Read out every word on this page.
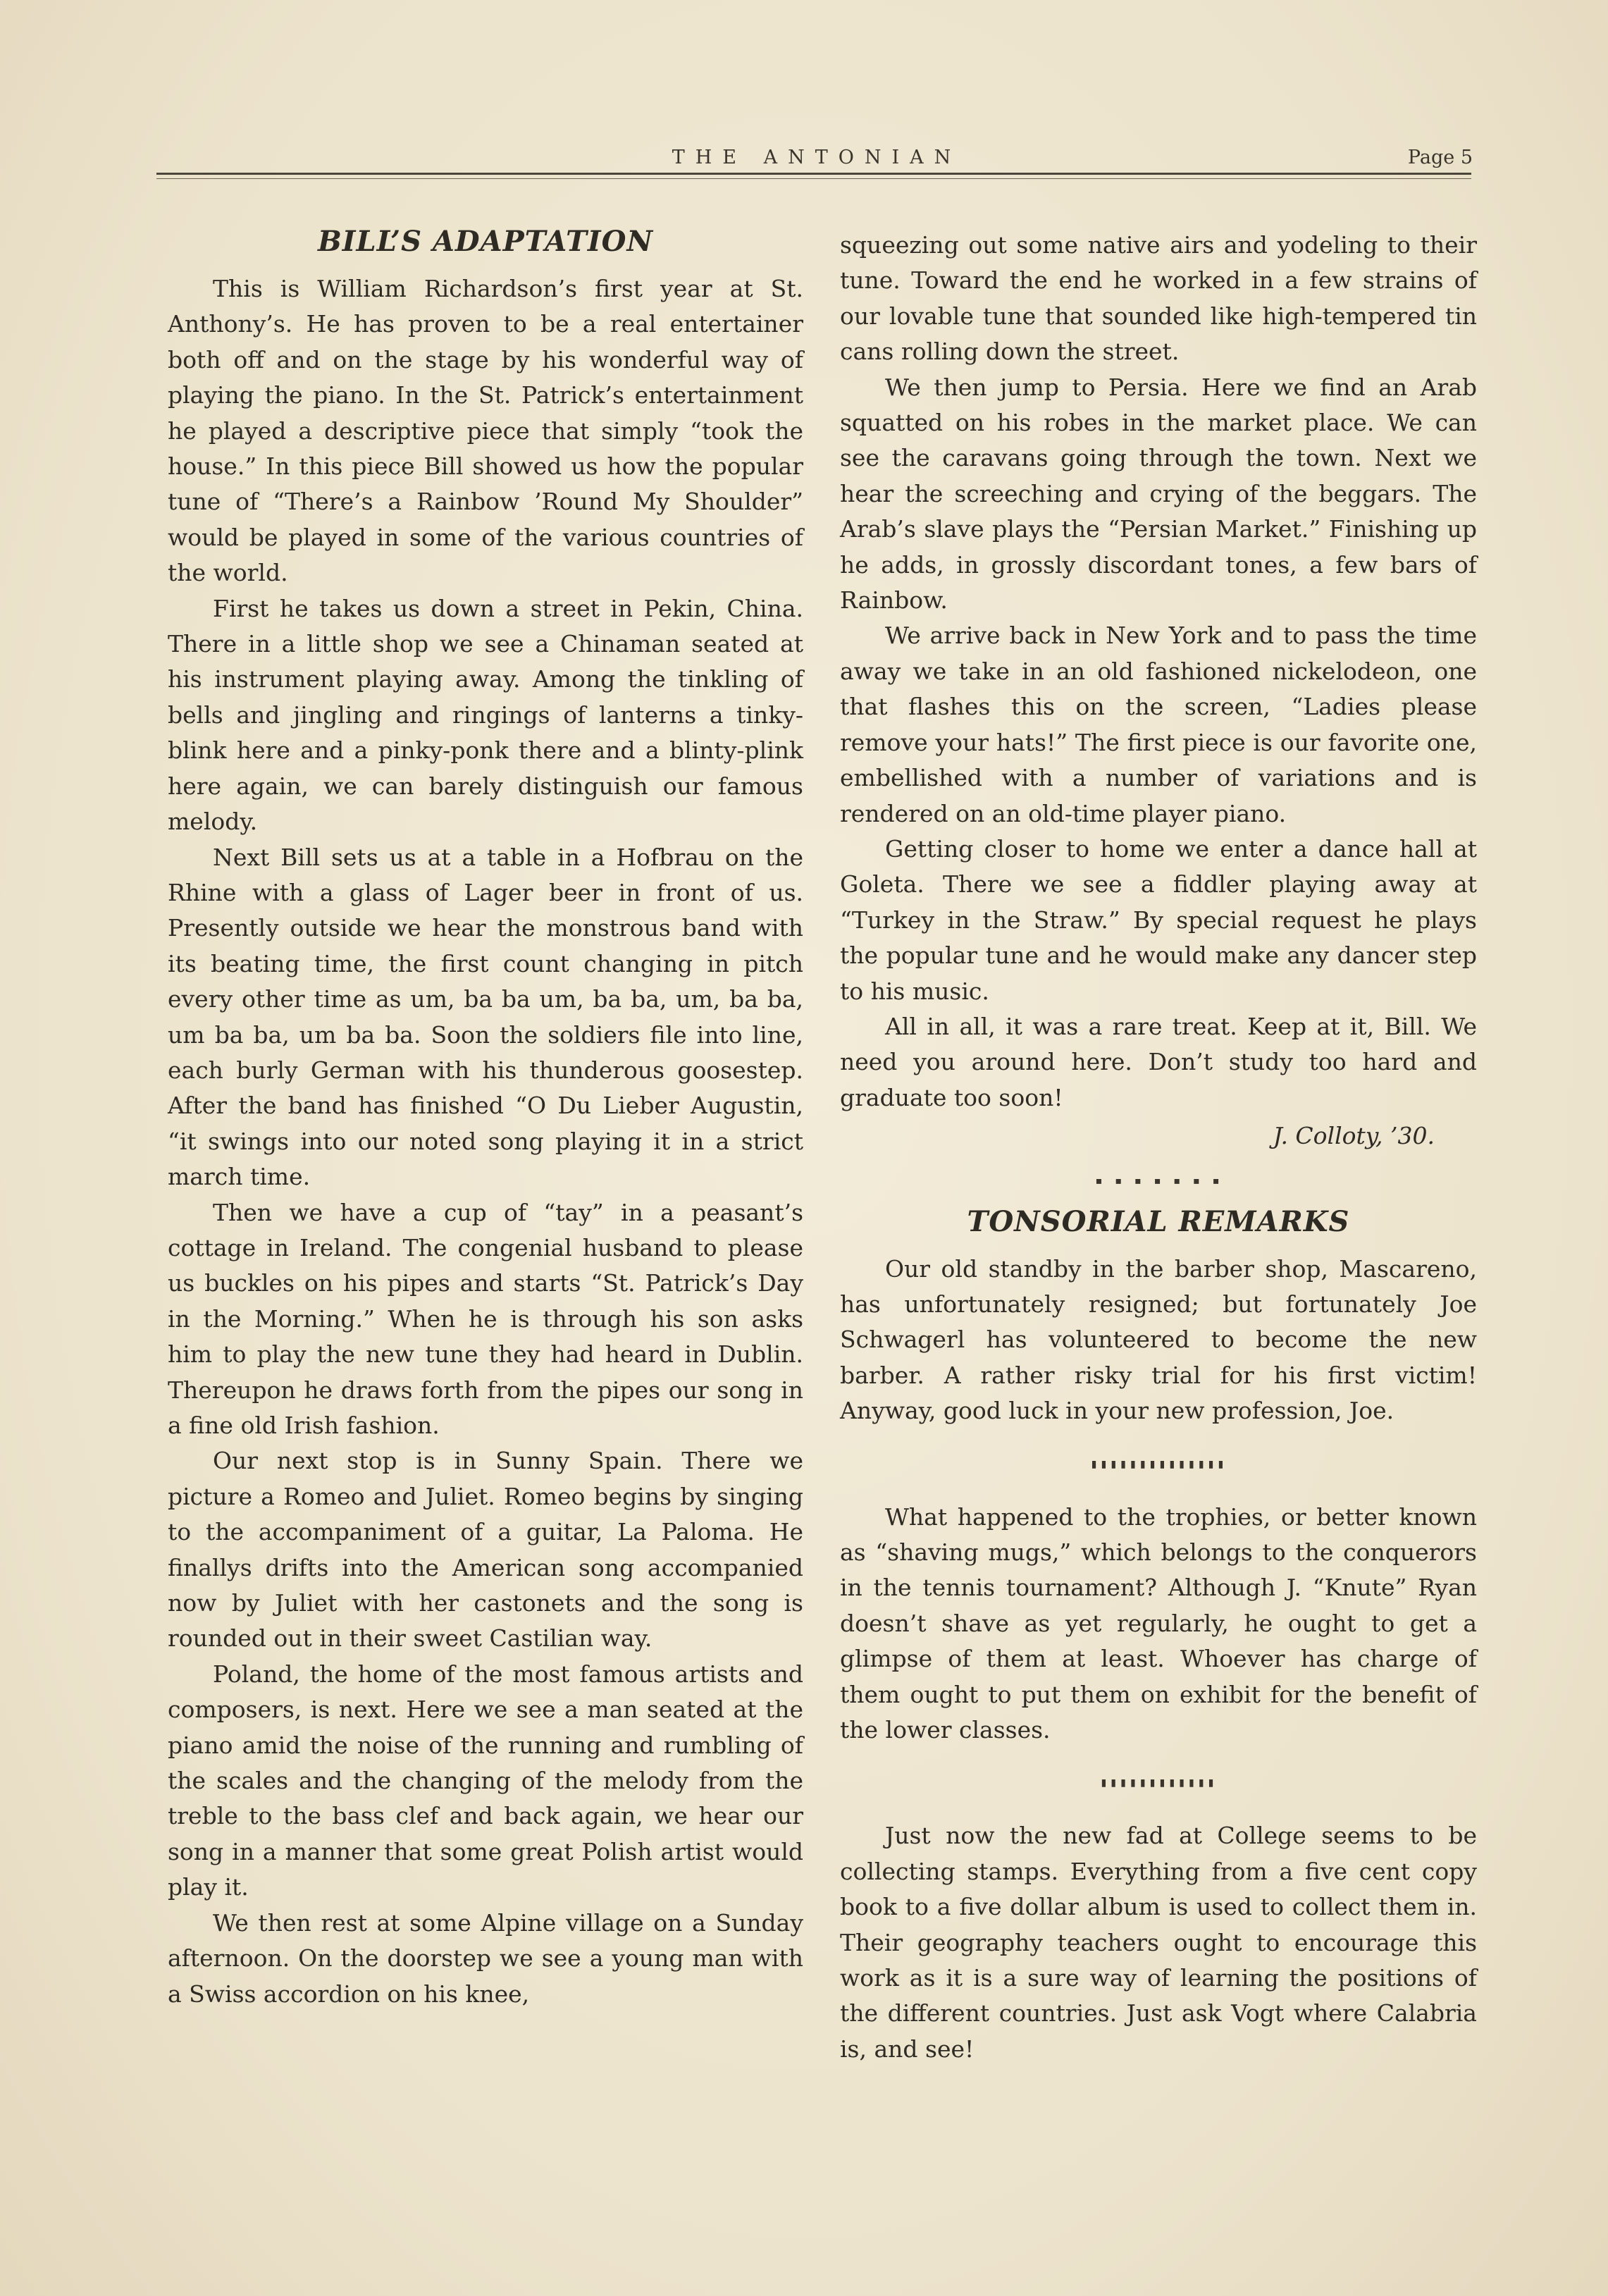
THE ANTONIAN	Page 5
BILL’S ADAPTATION

This is William Richardson’s first year at St. Anthony’s. He has proven to be a real entertainer both off and on the stage by his wonderful way of playing the piano. In the St. Patrick’s entertainment he played a descriptive piece that simply “took the house.” In this piece Bill showed us how the popular tune of “There’s a Rainbow ’Round My Shoulder” would be played in some of the various countries of the world.

First he takes us down a street in Pekin, China. There in a little shop we see a Chinaman seated at his instrument playing away. Among the tinkling of bells and jingling and ringings of lanterns a tinky-blink here and a pinky-ponk there and a blinty-plink here again, we can barely distinguish our famous melody.

Next Bill sets us at a table in a Hofbrau on the Rhine with a glass of Lager beer in front of us. Presently outside we hear the monstrous band with its beating time, the first count changing in pitch every other time as um, ba ba um, ba ba, um, ba ba, um ba ba, um ba ba. Soon the soldiers file into line, each burly German with his thunderous goosestep. After the band has finished “O Du Lieber Augustin, “it swings into our noted song playing it in a strict march time.

Then we have a cup of “tay” in a peasant’s cottage in Ireland. The congenial husband to please us buckles on his pipes and starts “St. Patrick’s Day in the Morning.” When he is through his son asks him to play the new tune they had heard in Dublin. Thereupon he draws forth from the pipes our song in a fine old Irish fashion.

Our next stop is in Sunny Spain. There we picture a Romeo and Juliet. Romeo begins by singing to the accompaniment of a guitar, La Paloma. He finallys drifts into the American song accompanied now by Juliet with her castonets and the song is rounded out in their sweet Castilian way.

Poland, the home of the most famous artists and composers, is next. Here we see a man seated at the piano amid the noise of the running and rumbling of the scales and the changing of the melody from the treble to the bass clef and back again, we hear our song in a manner that some great Polish artist would play it.

We then rest at some Alpine village on a Sunday afternoon. On the doorstep we see a young man with a Swiss accordion on his knee,

squeezing out some native airs and yodeling to their tune. Toward the end he worked in a few strains of our lovable tune that sounded like high-tempered tin cans rolling down the street.

We then jump to Persia. Here we find an Arab squatted on his robes in the market place. We can see the caravans going through the town. Next we hear the screeching and crying of the beggars. The Arab’s slave plays the “Persian Market.” Finishing up he adds, in grossly discordant tones, a few bars of Rainbow.

We arrive back in New York and to pass the time away we take in an old fashioned nickelodeon, one that flashes this on the screen, “Ladies please remove your hats!” The first piece is our favorite one, embellished with a number of variations and is rendered on an old-time player piano.

Getting closer to home we enter a dance hall at Goleta. There we see a fiddler playing away at “Turkey in the Straw.” By special request he plays the popular tune and he would make any dancer step to his music.

All in all, it was a rare treat. Keep at it, Bill. We need you around here. Don’t study too hard and graduate too soon!

J. Colloty, ’30.
▪ ▪ ▪ ▪ ▪ ▪ ▪
TONSORIAL REMARKS

Our old standby in the barber shop, Mascareno, has unfortunately resigned; but fortunately Joe Schwagerl has volunteered to become the new barber. A rather risky trial for his first victim! Anyway, good luck in your new profession, Joe.

▮▮▮▮▮▮▮▮▮▮▮▮▮▮

What happened to the trophies, or better known as “shaving mugs,” which belongs to the conquerors in the tennis tournament? Although J. “Knute” Ryan doesn’t shave as yet regularly, he ought to get a glimpse of them at least. Whoever has charge of them ought to put them on exhibit for the benefit of the lower classes.

▮▮▮▮▮▮▮▮▮▮▮▮

Just now the new fad at College seems to be collecting stamps. Everything from a five cent copy book to a five dollar album is used to collect them in. Their geography teachers ought to encourage this work as it is a sure way of learning the positions of the different countries. Just ask Vogt where Calabria is, and see!
